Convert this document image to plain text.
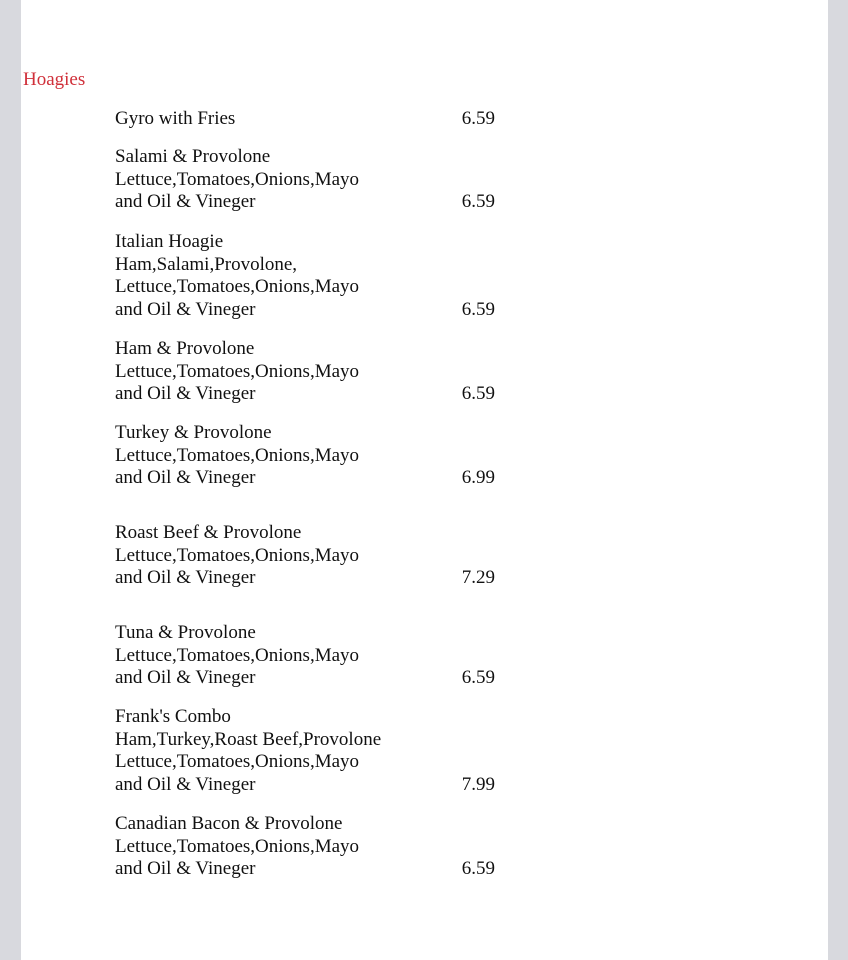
Hoagies
Gyro with Fries	6.59
Salami & Provolone
Lettuce,Tomatoes,Onions,Mayo
and Oil & Vineger	6.59
Italian Hoagie
Ham,Salami,Provolone,
Lettuce,Tomatoes,Onions,Mayo
and Oil & Vineger	6.59
Ham & Provolone
Lettuce,Tomatoes,Onions,Mayo
and Oil & Vineger	6.59
Turkey & Provolone
Lettuce,Tomatoes,Onions,Mayo
and Oil & Vineger	6.99
Roast Beef & Provolone
Lettuce,Tomatoes,Onions,Mayo
and Oil & Vineger	7.29
Tuna & Provolone
Lettuce,Tomatoes,Onions,Mayo
and Oil & Vineger	6.59
Frank's Combo
Ham,Turkey,Roast Beef,Provolone
Lettuce,Tomatoes,Onions,Mayo
and Oil & Vineger	7.99
Canadian Bacon & Provolone
Lettuce,Tomatoes,Onions,Mayo
and Oil & Vineger	6.59
